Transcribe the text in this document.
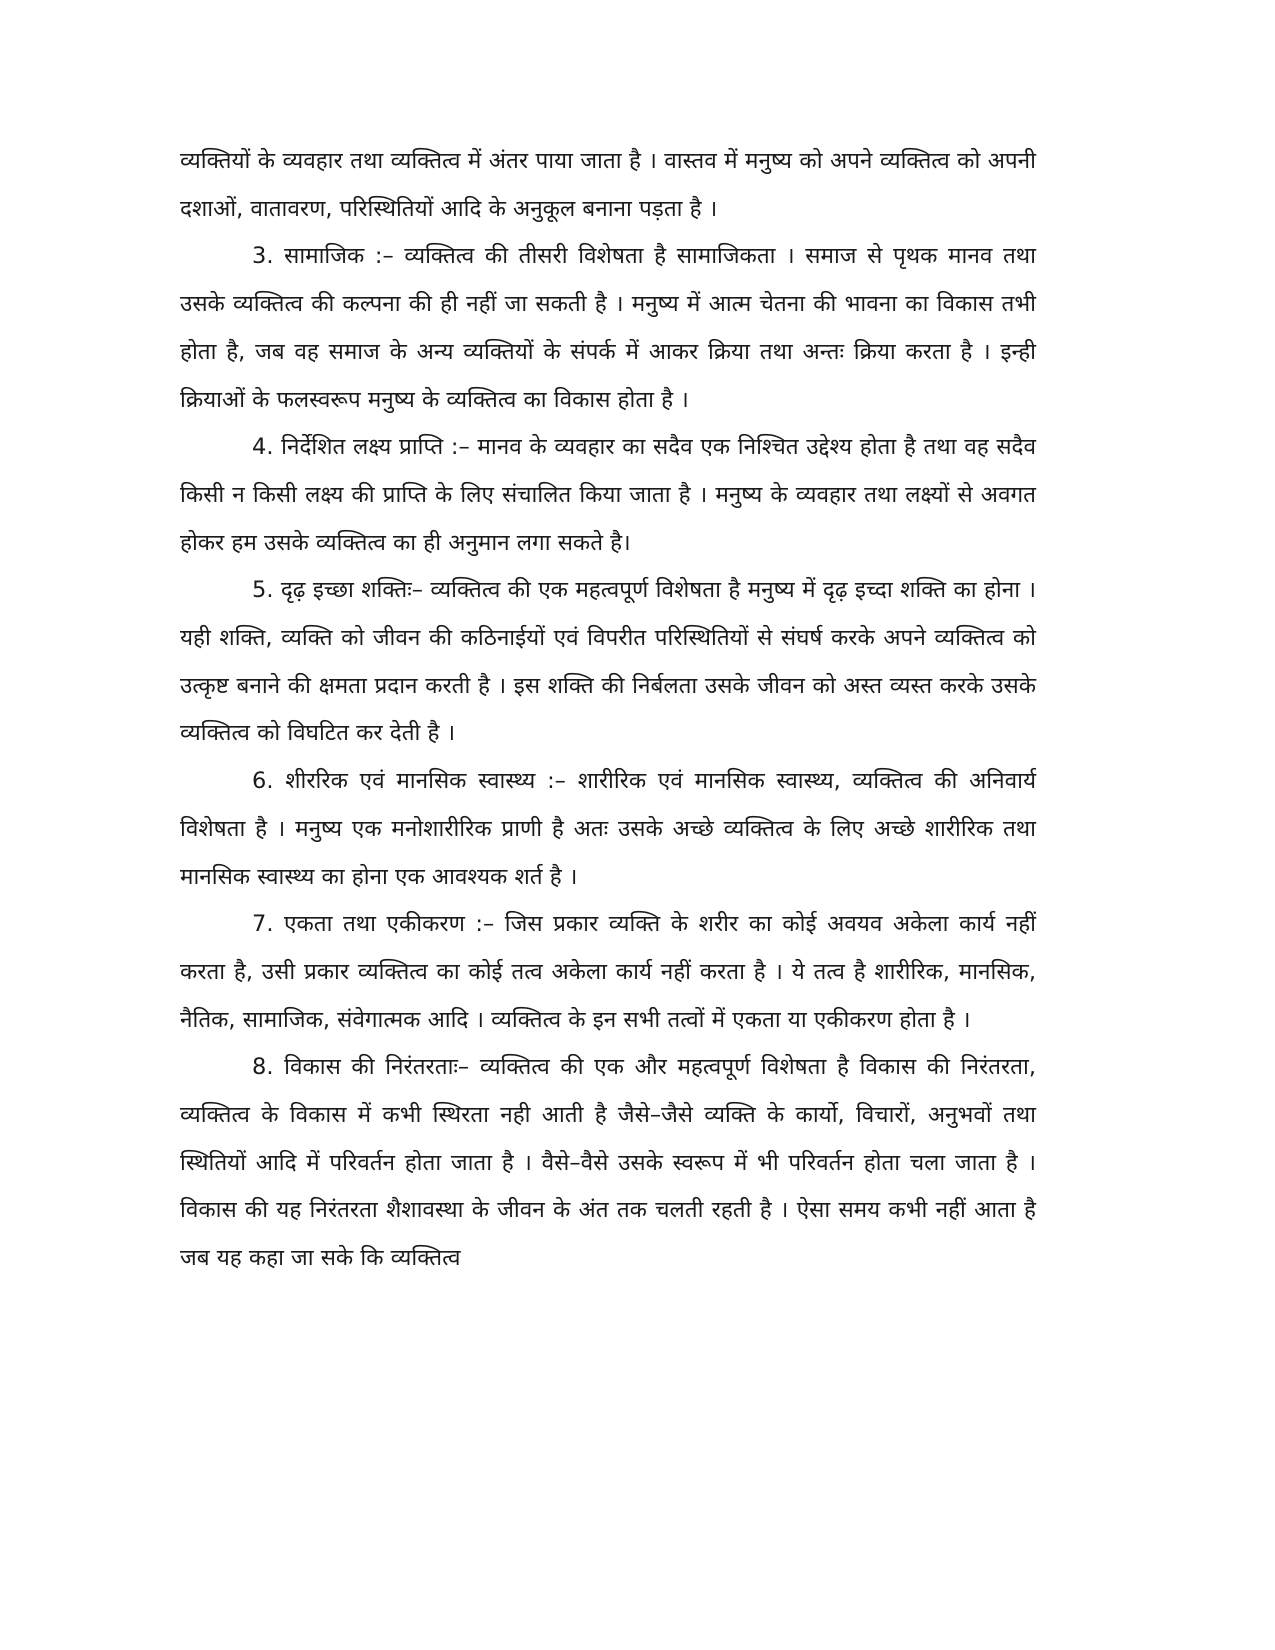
व्यक्तियों के व्यवहार तथा व्यक्तित्व में अंतर पाया जाता है । वास्तव में मनुष्य को अपने व्यक्तित्व को अपनी दशाओं, वातावरण, परिस्थितियों आदि के अनुकूल बनाना पड़ता है ।

3. सामाजिक :– व्यक्तित्व की तीसरी विशेषता है सामाजिकता । समाज से पृथक मानव तथा उसके व्यक्तित्व की कल्पना की ही नहीं जा सकती है । मनुष्य में आत्म चेतना की भावना का विकास तभी होता है, जब वह समाज के अन्य व्यक्तियों के संपर्क में आकर क्रिया तथा अन्तः क्रिया करता है । इन्ही क्रियाओं के फलस्वरूप मनुष्य के व्यक्तित्व का विकास होता है ।

4. निर्देशित लक्ष्य प्राप्ति :– मानव के व्यवहार का सदैव एक निश्चित उद्देश्य होता है तथा वह सदैव किसी न किसी लक्ष्य की प्राप्ति के लिए संचालित किया जाता है । मनुष्य के व्यवहार तथा लक्ष्यों से अवगत होकर हम उसके व्यक्तित्व का ही अनुमान लगा सकते है।

5. दृढ़ इच्छा शक्तिः– व्यक्तित्व की एक महत्वपूर्ण विशेषता है मनुष्य में दृढ़ इच्दा शक्ति का होना । यही शक्ति, व्यक्ति को जीवन की कठिनाईयों एवं विपरीत परिस्थितियों से संघर्ष करके अपने व्यक्तित्व को उत्कृष्ट बनाने की क्षमता प्रदान करती है । इस शक्ति की निर्बलता उसके जीवन को अस्त व्यस्त करके उसके व्यक्तित्व को विघटित कर देती है ।

6. शीररिक एवं मानसिक स्वास्थ्य :– शारीरिक एवं मानसिक स्वास्थ्य, व्यक्तित्व की अनिवार्य विशेषता है । मनुष्य एक मनोशारीरिक प्राणी है अतः उसके अच्छे व्यक्तित्व के लिए अच्छे शारीरिक तथा मानसिक स्वास्थ्य का होना एक आवश्यक शर्त है ।

7. एकता तथा एकीकरण :– जिस प्रकार व्यक्ति के शरीर का कोई अवयव अकेला कार्य नहीं करता है, उसी प्रकार व्यक्तित्व का कोई तत्व अकेला कार्य नहीं करता है । ये तत्व है शारीरिक, मानसिक, नैतिक, सामाजिक, संवेगात्मक आदि । व्यक्तित्व के इन सभी तत्वों में एकता या एकीकरण होता है ।

8. विकास की निरंतरताः– व्यक्तित्व की एक और महत्वपूर्ण विशेषता है विकास की निरंतरता, व्यक्तित्व के विकास में कभी स्थिरता नही आती है जैसे–जैसे व्यक्ति के कार्यो, विचारों, अनुभवों तथा स्थितियों आदि में परिवर्तन होता जाता है । वैसे–वैसे उसके स्वरूप में भी परिवर्तन होता चला जाता है । विकास की यह निरंतरता शैशावस्था के जीवन के अंत तक चलती रहती है । ऐसा समय कभी नहीं आता है जब यह कहा जा सके कि व्यक्तित्व
